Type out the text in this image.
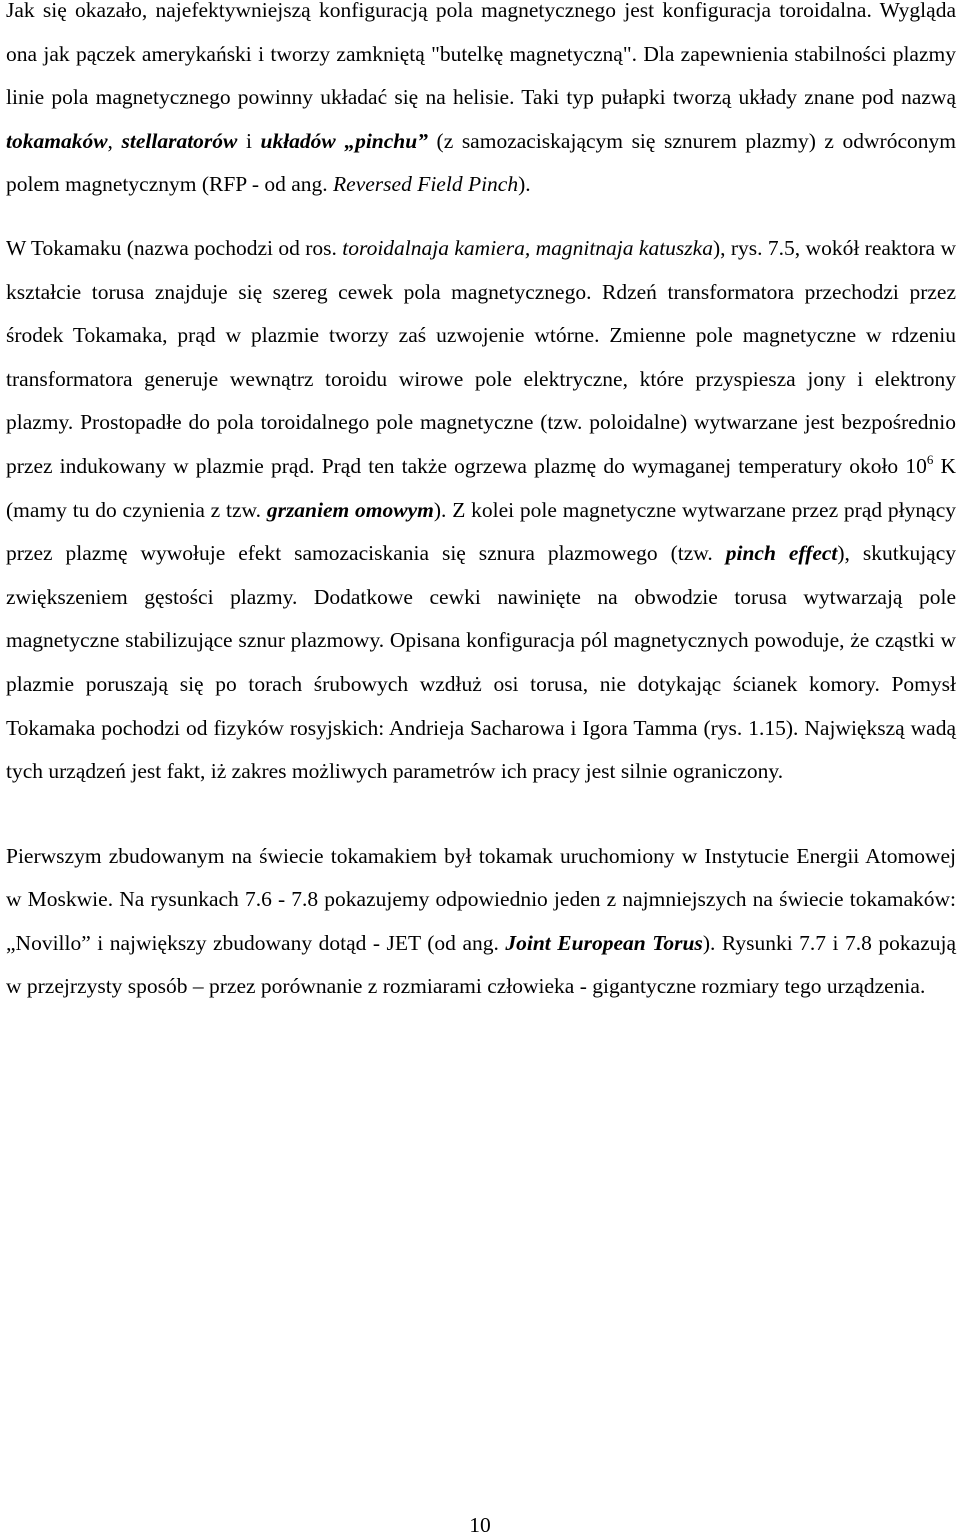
Jak się okazało, najefektywniejszą konfiguracją pola magnetycznego jest konfiguracja toroidalna. Wygląda ona jak pączek amerykański i tworzy zamkniętą "butelkę magnetyczną". Dla zapewnienia stabilności plazmy linie pola magnetycznego powinny układać się na helisie. Taki typ pułapki tworzą układy znane pod nazwą tokamaków, stellaratorów i układów „pinchu” (z samozaciskającym się sznurem plazmy) z odwróconym polem magnetycznym (RFP - od ang. Reversed Field Pinch).

W Tokamaku (nazwa pochodzi od ros. toroidalnaja kamiera, magnitnaja katuszka), rys. 7.5, wokół reaktora w kształcie torusa znajduje się szereg cewek pola magnetycznego. Rdzeń transformatora przechodzi przez środek Tokamaka, prąd w plazmie tworzy zaś uzwojenie wtórne. Zmienne pole magnetyczne w rdzeniu transformatora generuje wewnątrz toroidu wirowe pole elektryczne, które przyspiesza jony i elektrony plazmy. Prostopadłe do pola toroidalnego pole magnetyczne (tzw. poloidalne) wytwarzane jest bezpośrednio przez indukowany w plazmie prąd. Prąd ten także ogrzewa plazmę do wymaganej temperatury około $10^6$ K (mamy tu do czynienia z tzw. grzaniem omowym). Z kolei pole magnetyczne wytwarzane przez prąd płynący przez plazmę wywołuje efekt samozaciskania się sznura plazmowego (tzw. pinch effect), skutkujący zwiększeniem gęstości plazmy. Dodatkowe cewki nawinięte na obwodzie torusa wytwarzają pole magnetyczne stabilizujące sznur plazmowy. Opisana konfiguracja pól magnetycznych powoduje, że cząstki w plazmie poruszają się po torach śrubowych wzdłuż osi torusa, nie dotykając ścianek komory. Pomysł Tokamaka pochodzi od fizyków rosyjskich: Andrieja Sacharowa i Igora Tamma (rys. 1.15). Największą wadą tych urządzeń jest fakt, iż zakres możliwych parametrów ich pracy jest silnie ograniczony.

Pierwszym zbudowanym na świecie tokamakiem był tokamak uruchomiony w Instytucie Energii Atomowej w Moskwie. Na rysunkach 7.6 - 7.8 pokazujemy odpowiednio jeden z najmniejszych na świecie tokamaków: „Novillo” i największy zbudowany dotąd - JET (od ang. Joint European Torus). Rysunki 7.7 i 7.8 pokazują w przejrzysty sposób – przez porównanie z rozmiarami człowieka - gigantyczne rozmiary tego urządzenia.

10
